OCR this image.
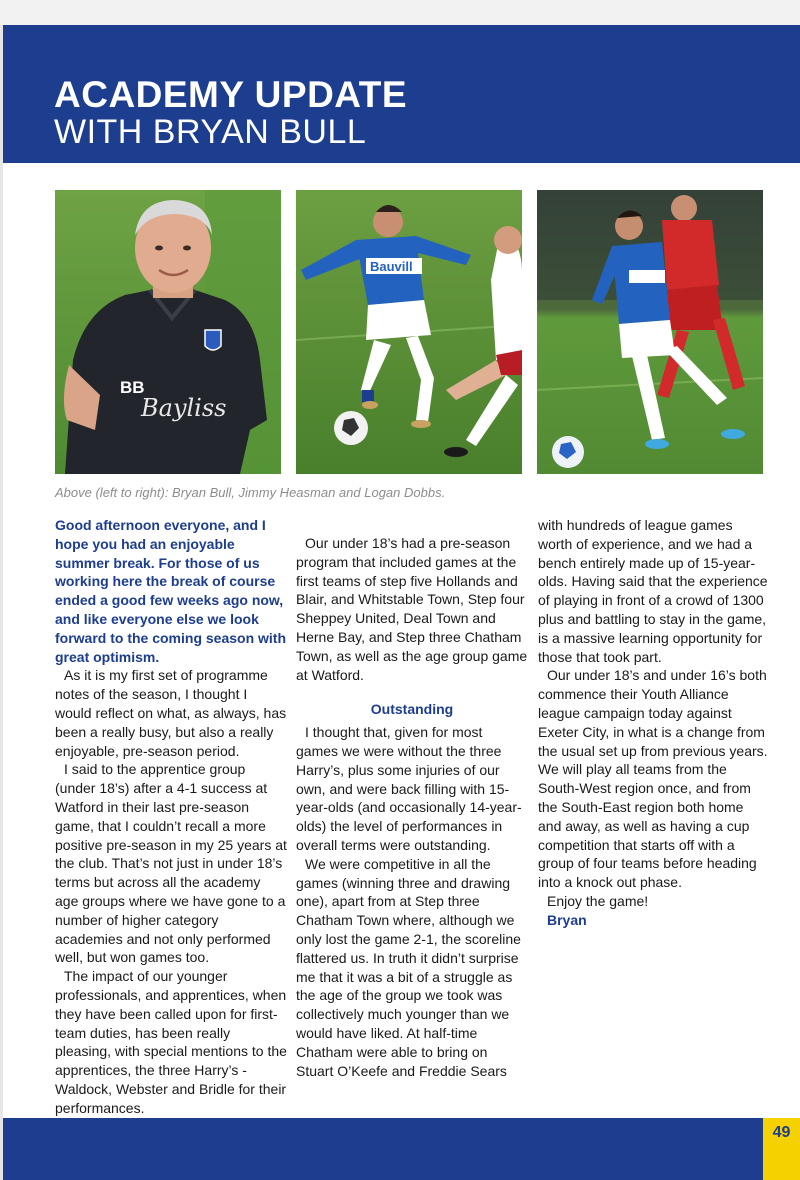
ACADEMY UPDATE
WITH BRYAN BULL
BB
Bayliss
Bauvill
Above (left to right): Bryan Bull, Jimmy Heasman and Logan Dobbs.

Good afternoon everyone, and I hope you had an enjoyable summer break. For those of us working here the break of course ended a good few weeks ago now, and like everyone else we look forward to the coming season with great optimism.

As it is my first set of programme notes of the season, I thought I would reflect on what, as always, has been a really busy, but also a really enjoyable, pre-season period.

I said to the apprentice group (under 18’s) after a 4-1 success at Watford in their last pre-season game, that I couldn’t recall a more positive pre-season in my 25 years at the club. That’s not just in under 18’s terms but across all the academy age groups where we have gone to a number of higher category academies and not only performed well, but won games too.

The impact of our younger professionals, and apprentices, when they have been called upon for first-team duties, has been really pleasing, with special mentions to the apprentices, the three Harry’s - Waldock, Webster and Bridle for their performances.

Our under 18’s had a pre-season program that included games at the first teams of step five Hollands and Blair, and Whitstable Town, Step four Sheppey United, Deal Town and Herne Bay, and Step three Chatham Town, as well as the age group game at Watford.

Outstanding

I thought that, given for most games we were without the three Harry’s, plus some injuries of our own, and were back filling with 15-year-olds (and occasionally 14-year-olds) the level of performances in overall terms were outstanding.

We were competitive in all the games (winning three and drawing one), apart from at Step three Chatham Town where, although we only lost the game 2-1, the scoreline flattered us. In truth it didn’t surprise me that it was a bit of a struggle as the age of the group we took was collectively much younger than we would have liked. At half-time Chatham were able to bring on Stuart O’Keefe and Freddie Sears

with hundreds of league games worth of experience, and we had a bench entirely made up of 15-year-olds. Having said that the experience of playing in front of a crowd of 1300 plus and battling to stay in the game, is a massive learning opportunity for those that took part.

Our under 18’s and under 16’s both commence their Youth Alliance league campaign today against Exeter City, in what is a change from the usual set up from previous years. We will play all teams from the South-West region once, and from the South-East region both home and away, as well as having a cup competition that starts off with a group of four teams before heading into a knock out phase.

Enjoy the game!

Bryan

49
